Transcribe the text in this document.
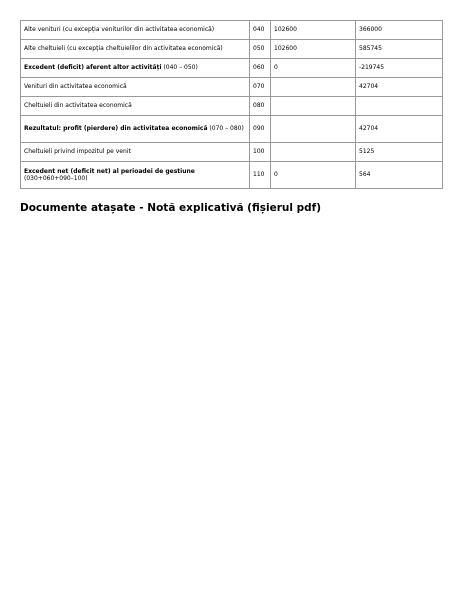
Alte venituri (cu excepția veniturilor din activitatea economică)	040	102600	366000
Alte cheltuieli (cu excepția cheltuielilor din activitatea economică)	050	102600	585745
Excedent (deficit) aferent altor activități (040 – 050)	060	0	-219745
Venituri din activitatea economică	070		42704
Cheltuieli din activitatea economică	080		
Rezultatul: profit (pierdere) din activitatea economică (070 – 080)	090		42704
Cheltuieli privind impozitul pe venit	100		5125
Excedent net (deficit net) al perioadei de gestiune (030+060+090–100)	110	0	564
Documente atașate - Notă explicativă (fișierul pdf)
